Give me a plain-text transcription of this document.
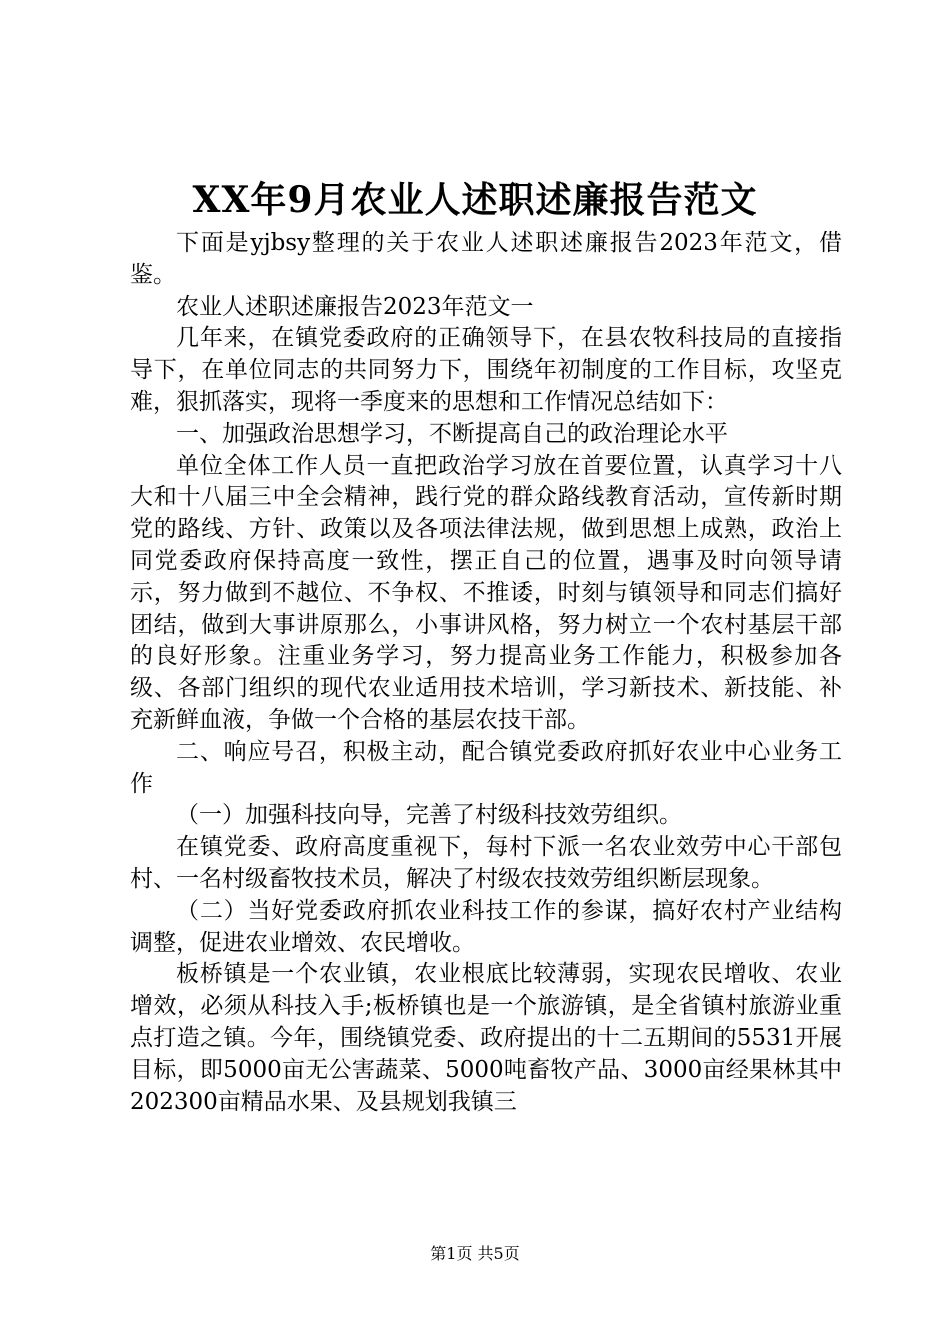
XX年9月农业人述职述廉报告范文

下面是yjbsy整理的关于农业人述职述廉报告2023年范文，借鉴。

农业人述职述廉报告2023年范文一

几年来，在镇党委政府的正确领导下，在县农牧科技局的直接指导下，在单位同志的共同努力下，围绕年初制度的工作目标，攻坚克难，狠抓落实，现将一季度来的思想和工作情况总结如下：

一、加强政治思想学习，不断提高自己的政治理论水平

单位全体工作人员一直把政治学习放在首要位置，认真学习十八大和十八届三中全会精神，践行党的群众路线教育活动，宣传新时期党的路线、方针、政策以及各项法律法规，做到思想上成熟，政治上同党委政府保持高度一致性，摆正自己的位置，遇事及时向领导请示，努力做到不越位、不争权、不推诿，时刻与镇领导和同志们搞好团结，做到大事讲原那么，小事讲风格，努力树立一个农村基层干部的良好形象。注重业务学习，努力提高业务工作能力，积极参加各级、各部门组织的现代农业适用技术培训，学习新技术、新技能、补充新鲜血液，争做一个合格的基层农技干部。

二、响应号召，积极主动，配合镇党委政府抓好农业中心业务工作

（一）加强科技向导，完善了村级科技效劳组织。

在镇党委、政府高度重视下，每村下派一名农业效劳中心干部包村、一名村级畜牧技术员，解决了村级农技效劳组织断层现象。

（二）当好党委政府抓农业科技工作的参谋，搞好农村产业结构调整，促进农业增效、农民增收。

板桥镇是一个农业镇，农业根底比较薄弱，实现农民增收、农业增效，必须从科技入手;板桥镇也是一个旅游镇，是全省镇村旅游业重点打造之镇。今年，围绕镇党委、政府提出的十二五期间的5531开展目标，即5000亩无公害蔬菜、5000吨畜牧产品、3000亩经果林其中202300亩精品水果、及县规划我镇三

第1页 共5页
